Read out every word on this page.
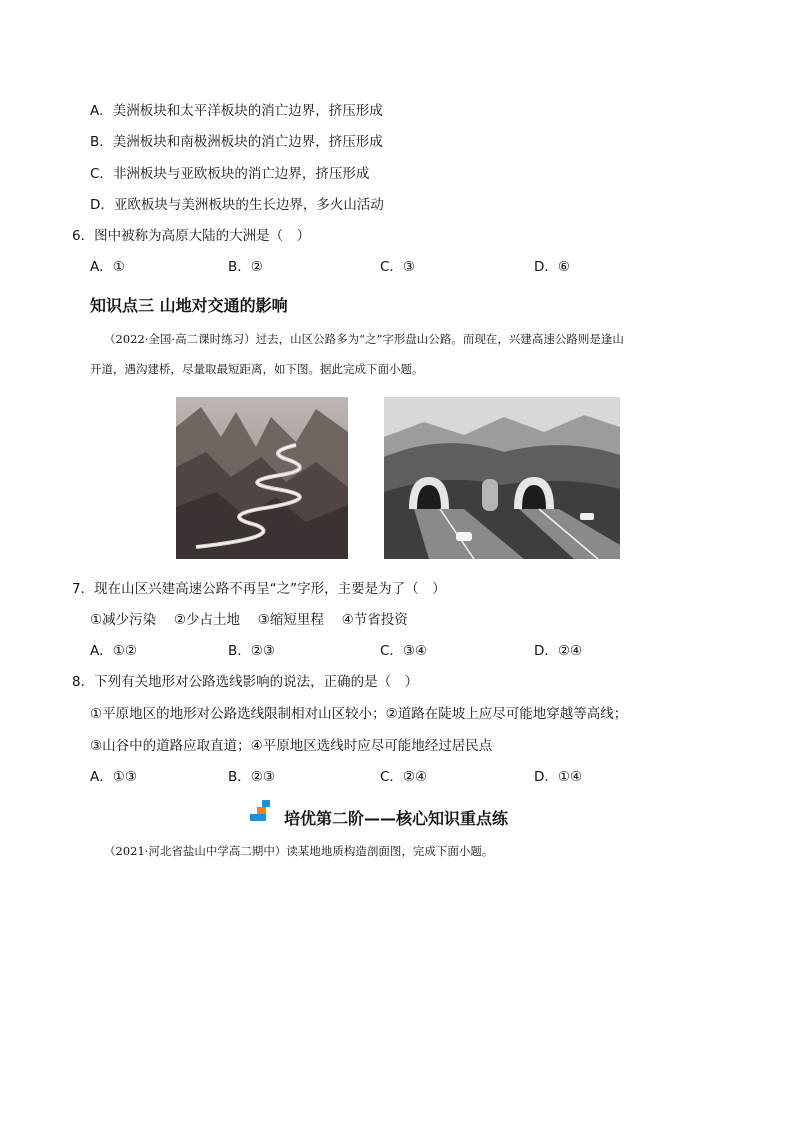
A．美洲板块和太平洋板块的消亡边界，挤压形成
B．美洲板块和南极洲板块的消亡边界，挤压形成
C．非洲板块与亚欧板块的消亡边界，挤压形成
D．亚欧板块与美洲板块的生长边界，多火山活动
6．图中被称为高原大陆的大洲是（　）
A．①	B．②	C．③	D．⑥
知识点三 山地对交通的影响
（2022·全国·高二课时练习）过去，山区公路多为“之”字形盘山公路。而现在，兴建高速公路则是逢山
开道，遇沟建桥，尽量取最短距离，如下图。据此完成下面小题。
7．现在山区兴建高速公路不再呈“之”字形，主要是为了（　）
①减少污染　 ②少占土地　 ③缩短里程　 ④节省投资
A．①②	B．②③	C．③④	D．②④
8．下列有关地形对公路选线影响的说法，正确的是（　）
①平原地区的地形对公路选线限制相对山区较小；②道路在陡坡上应尽可能地穿越等高线；
③山谷中的道路应取直道；④平原地区选线时应尽可能地经过居民点
A．①③	B．②③	C．②④	D．①④
培优第二阶——核心知识重点练
（2021·河北省盐山中学高二期中）读某地地质构造剖面图，完成下面小题。
